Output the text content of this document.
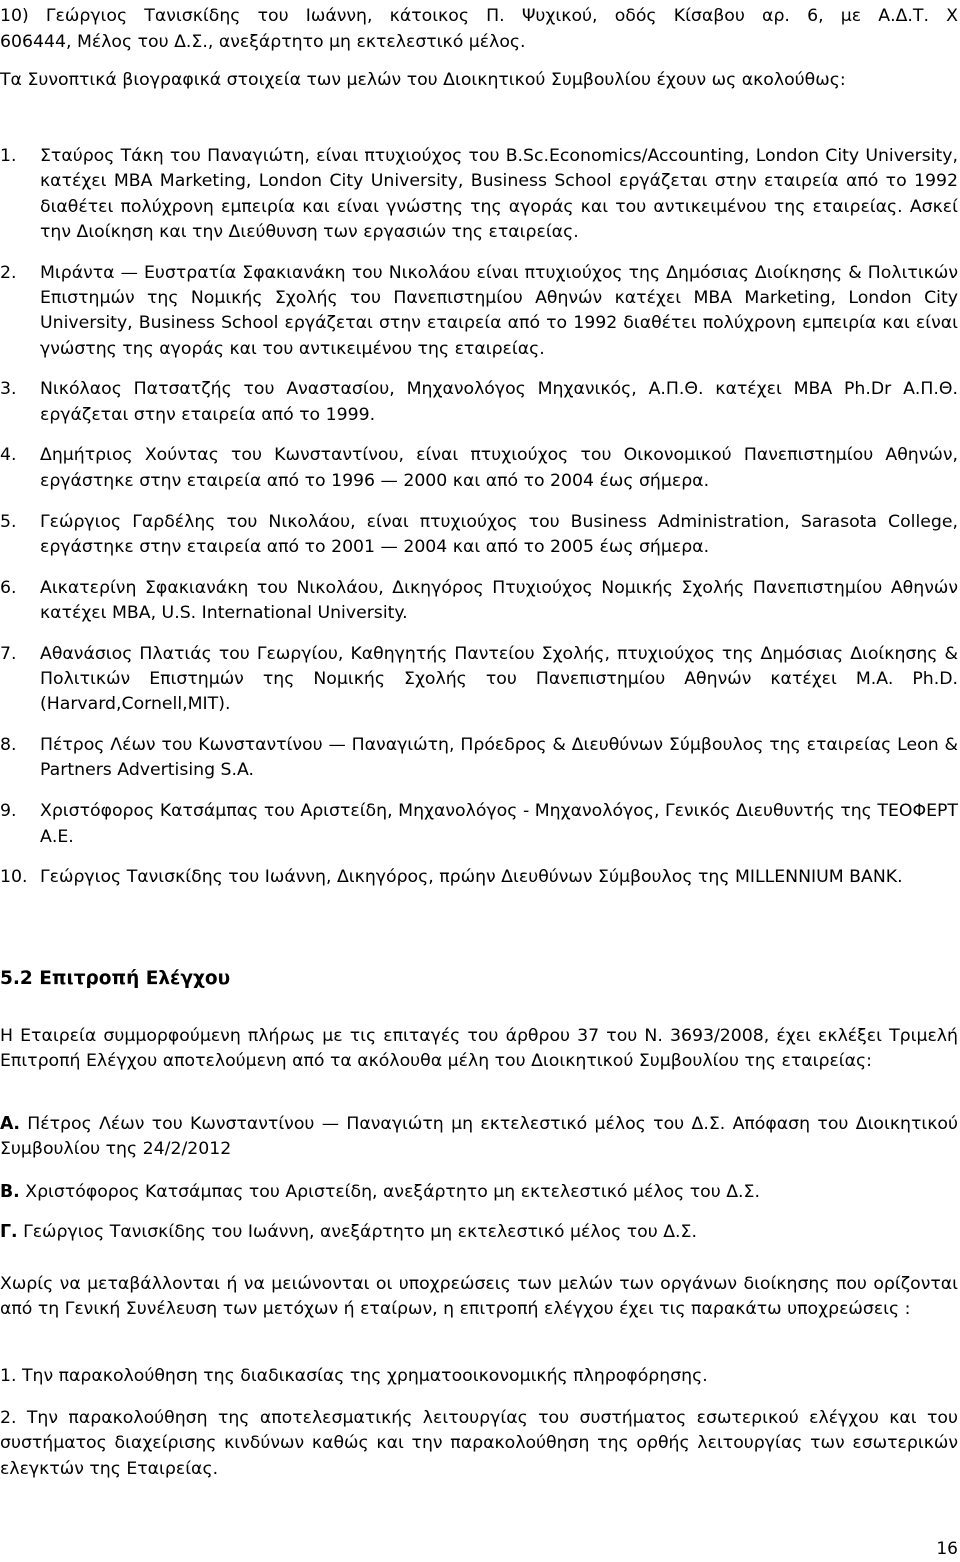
10) Γεώργιος Τανισκίδης του Ιωάννη, κάτοικος Π. Ψυχικού, οδός Κίσαβου αρ. 6, με Α.Δ.Τ. Χ

606444, Μέλος του Δ.Σ., ανεξάρτητο μη εκτελεστικό μέλος.

Τα Συνοπτικά βιογραφικά στοιχεία των μελών του Διοικητικού Συμβουλίου έχουν ως ακολούθως:

1. Σταύρος Τάκη του Παναγιώτη, είναι πτυχιούχος του B.Sc.Economics/Accounting, London City University, κατέχει MBA Marketing, London City University, Business School εργάζεται στην εταιρεία από το 1992 διαθέτει πολύχρονη εμπειρία και είναι γνώστης της αγοράς και του αντικειμένου της εταιρείας. Ασκεί την Διοίκηση και την Διεύθυνση των εργασιών της εταιρείας.
2. Μιράντα — Ευστρατία Σφακιανάκη του Νικολάου είναι πτυχιούχος της Δημόσιας Διοίκησης & Πολιτικών Επιστημών της Νομικής Σχολής του Πανεπιστημίου Αθηνών κατέχει MBA Marketing, London City University, Business School εργάζεται στην εταιρεία από το 1992 διαθέτει πολύχρονη εμπειρία και είναι γνώστης της αγοράς και του αντικειμένου της εταιρείας.
3. Νικόλαος Πατσατζής του Αναστασίου, Μηχανολόγος Μηχανικός, Α.Π.Θ. κατέχει MBA Ph.Dr Α.Π.Θ. εργάζεται στην εταιρεία από το 1999.
4. Δημήτριος Χούντας του Κωνσταντίνου, είναι πτυχιούχος του Οικονομικού Πανεπιστημίου Αθηνών, εργάστηκε στην εταιρεία από το 1996 — 2000 και από το 2004 έως σήμερα.
5. Γεώργιος Γαρδέλης του Νικολάου, είναι πτυχιούχος του Business Administration, Sarasota College, εργάστηκε στην εταιρεία από το 2001 — 2004 και από το 2005 έως σήμερα.
6. Αικατερίνη Σφακιανάκη του Νικολάου, Δικηγόρος Πτυχιούχος Νομικής Σχολής Πανεπιστημίου Αθηνών κατέχει MBA, U.S. International University.
7. Αθανάσιος Πλατιάς του Γεωργίου, Καθηγητής Παντείου Σχολής, πτυχιούχος της Δημόσιας Διοίκησης & Πολιτικών Επιστημών της Νομικής Σχολής του Πανεπιστημίου Αθηνών κατέχει M.A. Ph.D. (Harvard,Cornell,MIT).
8. Πέτρος Λέων του Κωνσταντίνου — Παναγιώτη, Πρόεδρος & Διευθύνων Σύμβουλος της εταιρείας Leon & Partners Advertising S.A.
9. Χριστόφορος Κατσάμπας του Αριστείδη, Μηχανολόγος - Μηχανολόγος, Γενικός Διευθυντής της ΤΕΟΦΕΡΤ Α.Ε.
10. Γεώργιος Τανισκίδης του Ιωάννη, Δικηγόρος, πρώην Διευθύνων Σύμβουλος της MILLENNIUM BANK.
5.2 Επιτροπή Ελέγχου

Η Εταιρεία συμμορφούμενη πλήρως με τις επιταγές του άρθρου 37 του Ν. 3693/2008, έχει εκλέξει Τριμελή Επιτροπή Ελέγχου αποτελούμενη από τα ακόλουθα μέλη του Διοικητικού Συμβουλίου της εταιρείας:

Α. Πέτρος Λέων του Κωνσταντίνου — Παναγιώτη μη εκτελεστικό μέλος του Δ.Σ. Απόφαση του Διοικητικού Συμβουλίου της 24/2/2012

Β. Χριστόφορος Κατσάμπας του Αριστείδη, ανεξάρτητο μη εκτελεστικό μέλος του Δ.Σ.

Γ. Γεώργιος Τανισκίδης του Ιωάννη, ανεξάρτητο μη εκτελεστικό μέλος του Δ.Σ.

Χωρίς να μεταβάλλονται ή να μειώνονται οι υποχρεώσεις των μελών των οργάνων διοίκησης που ορίζονται από τη Γενική Συνέλευση των μετόχων ή εταίρων, η επιτροπή ελέγχου έχει τις παρακάτω υποχρεώσεις :

1. Την παρακολούθηση της διαδικασίας της χρηματοοικονομικής πληροφόρησης.

2. Την παρακολούθηση της αποτελεσματικής λειτουργίας του συστήματος εσωτερικού ελέγχου και του συστήματος διαχείρισης κινδύνων καθώς και την παρακολούθηση της ορθής λειτουργίας των εσωτερικών ελεγκτών της Εταιρείας.

16
